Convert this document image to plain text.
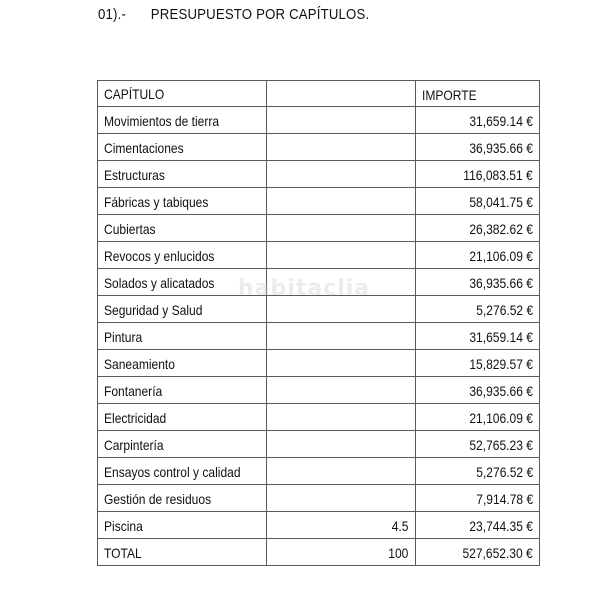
01).- PRESUPUESTO POR CAPÍTULOS.
CAPÍTULO		IMPORTE
Movimientos de tierra		31,659.14 €
Cimentaciones		36,935.66 €
Estructuras		116,083.51 €
Fábricas y tabiques		58,041.75 €
Cubiertas		26,382.62 €
Revocos y enlucidos		21,106.09 €
Solados y alicatados		36,935.66 €
Seguridad y Salud		5,276.52 €
Pintura		31,659.14 €
Saneamiento		15,829.57 €
Fontanería		36,935.66 €
Electricidad		21,106.09 €
Carpintería		52,765.23 €
Ensayos control y calidad		5,276.52 €
Gestión de residuos		7,914.78 €
Piscina	4.5	23,744.35 €
TOTAL	100	527,652.30 €
habitaclia
